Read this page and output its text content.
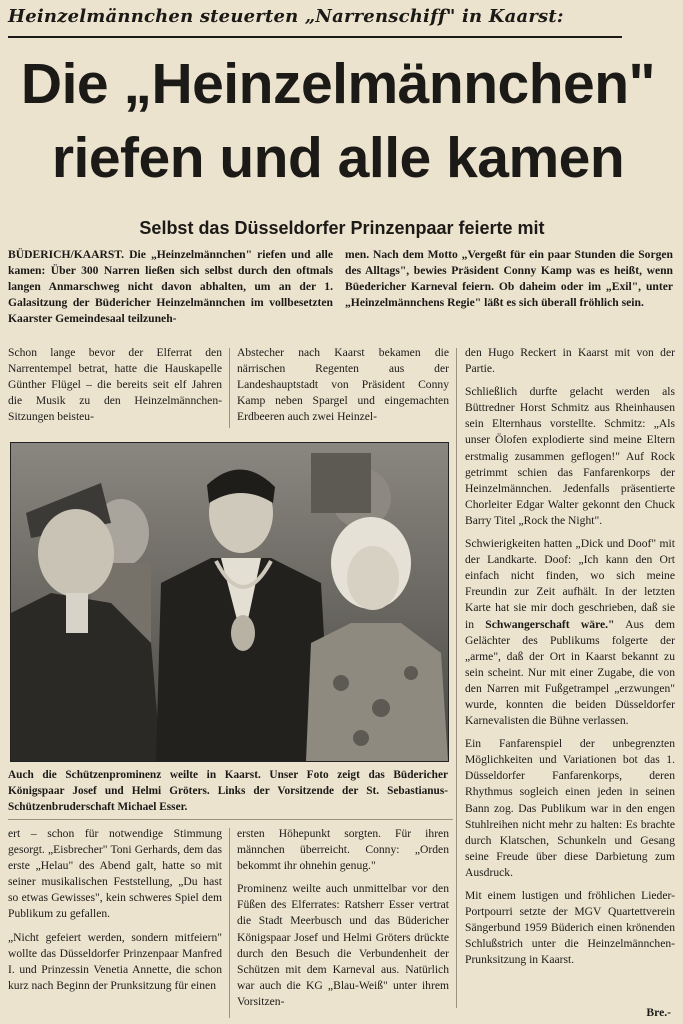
Heinzelmännchen steuerten „Narrenschiff" in Kaarst:
Die „Heinzelmännchen"
riefen und alle kamen
Selbst das Düsseldorfer Prinzenpaar feierte mit
BÜDERICH/KAARST. Die „Heinzelmännchen" riefen und alle kamen: Über 300 Narren ließen sich selbst durch den oftmals langen Anmarschweg nicht davon abhalten, um an der 1. Galasitzung der Büdericher Heinzelmännchen im vollbesetzten Kaarster Gemeindesaal teilzuneh-
men. Nach dem Motto „Vergeßt für ein paar Stunden die Sorgen des Alltags", bewies Präsident Conny Kamp was es heißt, wenn Büedericher Karneval feiern. Ob daheim oder im „Exil", unter „Heinzelmännchens Regie" läßt es sich überall fröhlich sein.
Schon lange bevor der Elferrat den Narrentempel betrat, hatte die Hauskapelle Günther Flügel – die bereits seit elf Jahren die Musik zu den Heinzelmännchen-Sitzungen beisteu-
Abstecher nach Kaarst bekamen die närrischen Regenten aus der Landeshauptstadt von Präsident Conny Kamp neben Spargel und eingemachten Erdbeeren auch zwei Heinzel-

den Hugo Reckert in Kaarst mit von der Partie.

Schließlich durfte gelacht werden als Büttredner Horst Schmitz aus Rheinhausen sein Elternhaus vorstellte. Schmitz: „Als unser Ölofen explodierte sind meine Eltern erstmalig zusammen geflogen!" Auf Rock getrimmt schien das Fanfarenkorps der Heinzelmännchen. Jedenfalls präsentierte Chorleiter Edgar Walter gekonnt den Chuck Barry Titel „Rock the Night".

Schwierigkeiten hatten „Dick und Doof" mit der Landkarte. Doof: „Ich kann den Ort einfach nicht finden, wo sich meine Freundin zur Zeit aufhält. In der letzten Karte hat sie mir doch geschrieben, daß sie in Schwangerschaft wäre." Aus dem Gelächter des Publikums folgerte der „arme", daß der Ort in Kaarst bekannt zu sein scheint. Nur mit einer Zugabe, die von den Narren mit Fußgetrampel „erzwungen" wurde, konnten die beiden Düsseldorfer Karnevalisten die Bühne verlassen.

Ein Fanfarenspiel der unbegrenzten Möglichkeiten und Variationen bot das 1. Düsseldorfer Fanfarenkorps, deren Rhythmus sogleich einen jeden in seinen Bann zog. Das Publikum war in den engen Stuhlreihen nicht mehr zu halten: Es brachte durch Klatschen, Schunkeln und Gesang seine Freude über diese Darbietung zum Ausdruck.

Mit einem lustigen und fröhlichen Lieder-Portpourri setzte der MGV Quartettverein Sängerbund 1959 Büderich einen krönenden Schlußstrich unter die Heinzelmännchen-Prunksitzung in Kaarst.

Bre.-
Auch die Schützenprominenz weilte in Kaarst. Unser Foto zeigt das Büdericher Königspaar Josef und Helmi Gröters. Links der Vorsitzende der St. Sebastianus-Schützenbruderschaft Michael Esser.

ert – schon für notwendige Stimmung gesorgt. „Eisbrecher" Toni Gerhards, dem das erste „Helau" des Abend galt, hatte so mit seiner musikalischen Feststellung, „Du hast so etwas Gewisses", kein schweres Spiel dem Publikum zu gefallen.

„Nicht gefeiert werden, sondern mitfeiern" wollte das Düsseldorfer Prinzenpaar Manfred I. und Prinzessin Venetia Annette, die schon kurz nach Beginn der Prunksitzung für einen

ersten Höhepunkt sorgten. Für ihren männchen überreicht. Conny: „Orden bekommt ihr ohnehin genug."

Prominenz weilte auch unmittelbar vor den Füßen des Elferrates: Ratsherr Esser vertrat die Stadt Meerbusch und das Büdericher Königspaar Josef und Helmi Gröters drückte durch den Besuch die Verbundenheit der Schützen mit dem Karneval aus. Natürlich war auch die KG „Blau-Weiß" unter ihrem Vorsitzen-
